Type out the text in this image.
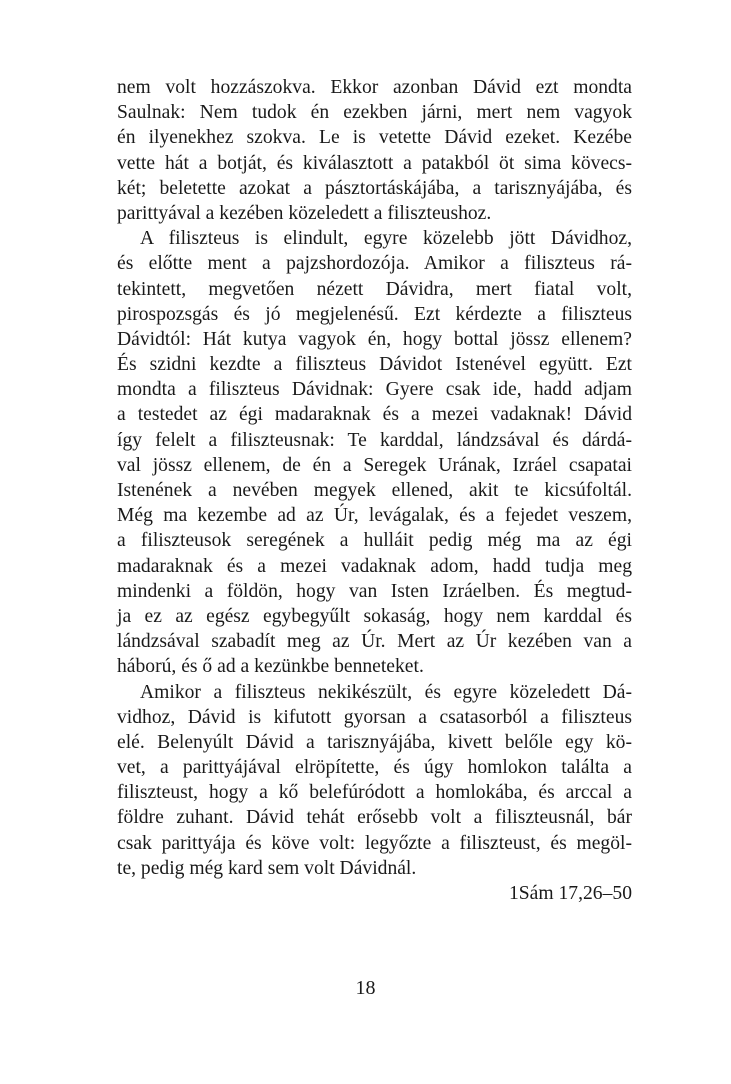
nem volt hozzászokva. Ekkor azonban Dávid ezt mondta
Saulnak: Nem tudok én ezekben járni, mert nem vagyok
én ilyenekhez szokva. Le is vetette Dávid ezeket. Kezébe
vette hát a botját, és kiválasztott a patakból öt sima kövecs-
két; beletette azokat a pásztortáskájába, a tarisznyájába, és
parittyával a kezében közeledett a filiszteushoz.
A filiszteus is elindult, egyre közelebb jött Dávidhoz,
és előtte ment a pajzshordozója. Amikor a filiszteus rá-
tekintett, megvetően nézett Dávidra, mert fiatal volt,
pirospozsgás és jó megjelenésű. Ezt kérdezte a filiszteus
Dávidtól: Hát kutya vagyok én, hogy bottal jössz ellenem?
És szidni kezdte a filiszteus Dávidot Istenével együtt. Ezt
mondta a filiszteus Dávidnak: Gyere csak ide, hadd adjam
a testedet az égi madaraknak és a mezei vadaknak! Dávid
így felelt a filiszteusnak: Te karddal, lándzsával és dárdá-
val jössz ellenem, de én a Seregek Urának, Izráel csapatai
Istenének a nevében megyek ellened, akit te kicsúfoltál.
Még ma kezembe ad az Úr, levágalak, és a fejedet veszem,
a filiszteusok seregének a hulláit pedig még ma az égi
madaraknak és a mezei vadaknak adom, hadd tudja meg
mindenki a földön, hogy van Isten Izráelben. És megtud-
ja ez az egész egybegyűlt sokaság, hogy nem karddal és
lándzsával szabadít meg az Úr. Mert az Úr kezében van a
háború, és ő ad a kezünkbe benneteket.
Amikor a filiszteus nekikészült, és egyre közeledett Dá-
vidhoz, Dávid is kifutott gyorsan a csatasorból a filiszteus
elé. Belenyúlt Dávid a tarisznyájába, kivett belőle egy kö-
vet, a parittyájával elröpítette, és úgy homlokon találta a
filiszteust, hogy a kő belefúródott a homlokába, és arccal a
földre zuhant. Dávid tehát erősebb volt a filiszteusnál, bár
csak parittyája és köve volt: legyőzte a filiszteust, és megöl-
te, pedig még kard sem volt Dávidnál.
1Sám 17,26–50
18
